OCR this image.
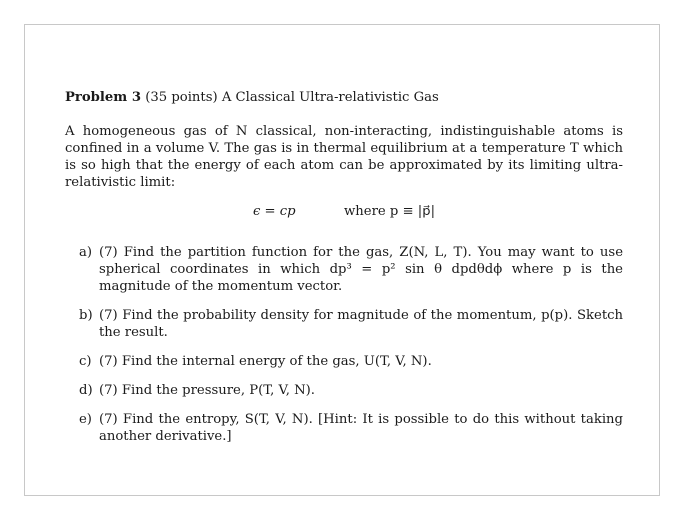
Problem 3 (35 points) A Classical Ultra-relativistic Gas

A homogeneous gas of N classical, non-interacting, indistinguishable atoms is confined in a volume V. The gas is in thermal equilibrium at a temperature T which is so high that the energy of each atom can be approximated by its limiting ultra-relativistic limit:

ϵ = cp	where p ≡ |p⃗|
a) (7) Find the partition function for the gas, Z(N, L, T). You may want to use spherical coordinates in which dp³ = p² sin θ dpdθdϕ where p is the magnitude of the momentum vector.
b) (7) Find the probability density for magnitude of the momentum, p(p). Sketch the result.
c) (7) Find the internal energy of the gas, U(T, V, N).
d) (7) Find the pressure, P(T, V, N).
e) (7) Find the entropy, S(T, V, N). [Hint: It is possible to do this without taking another derivative.]
